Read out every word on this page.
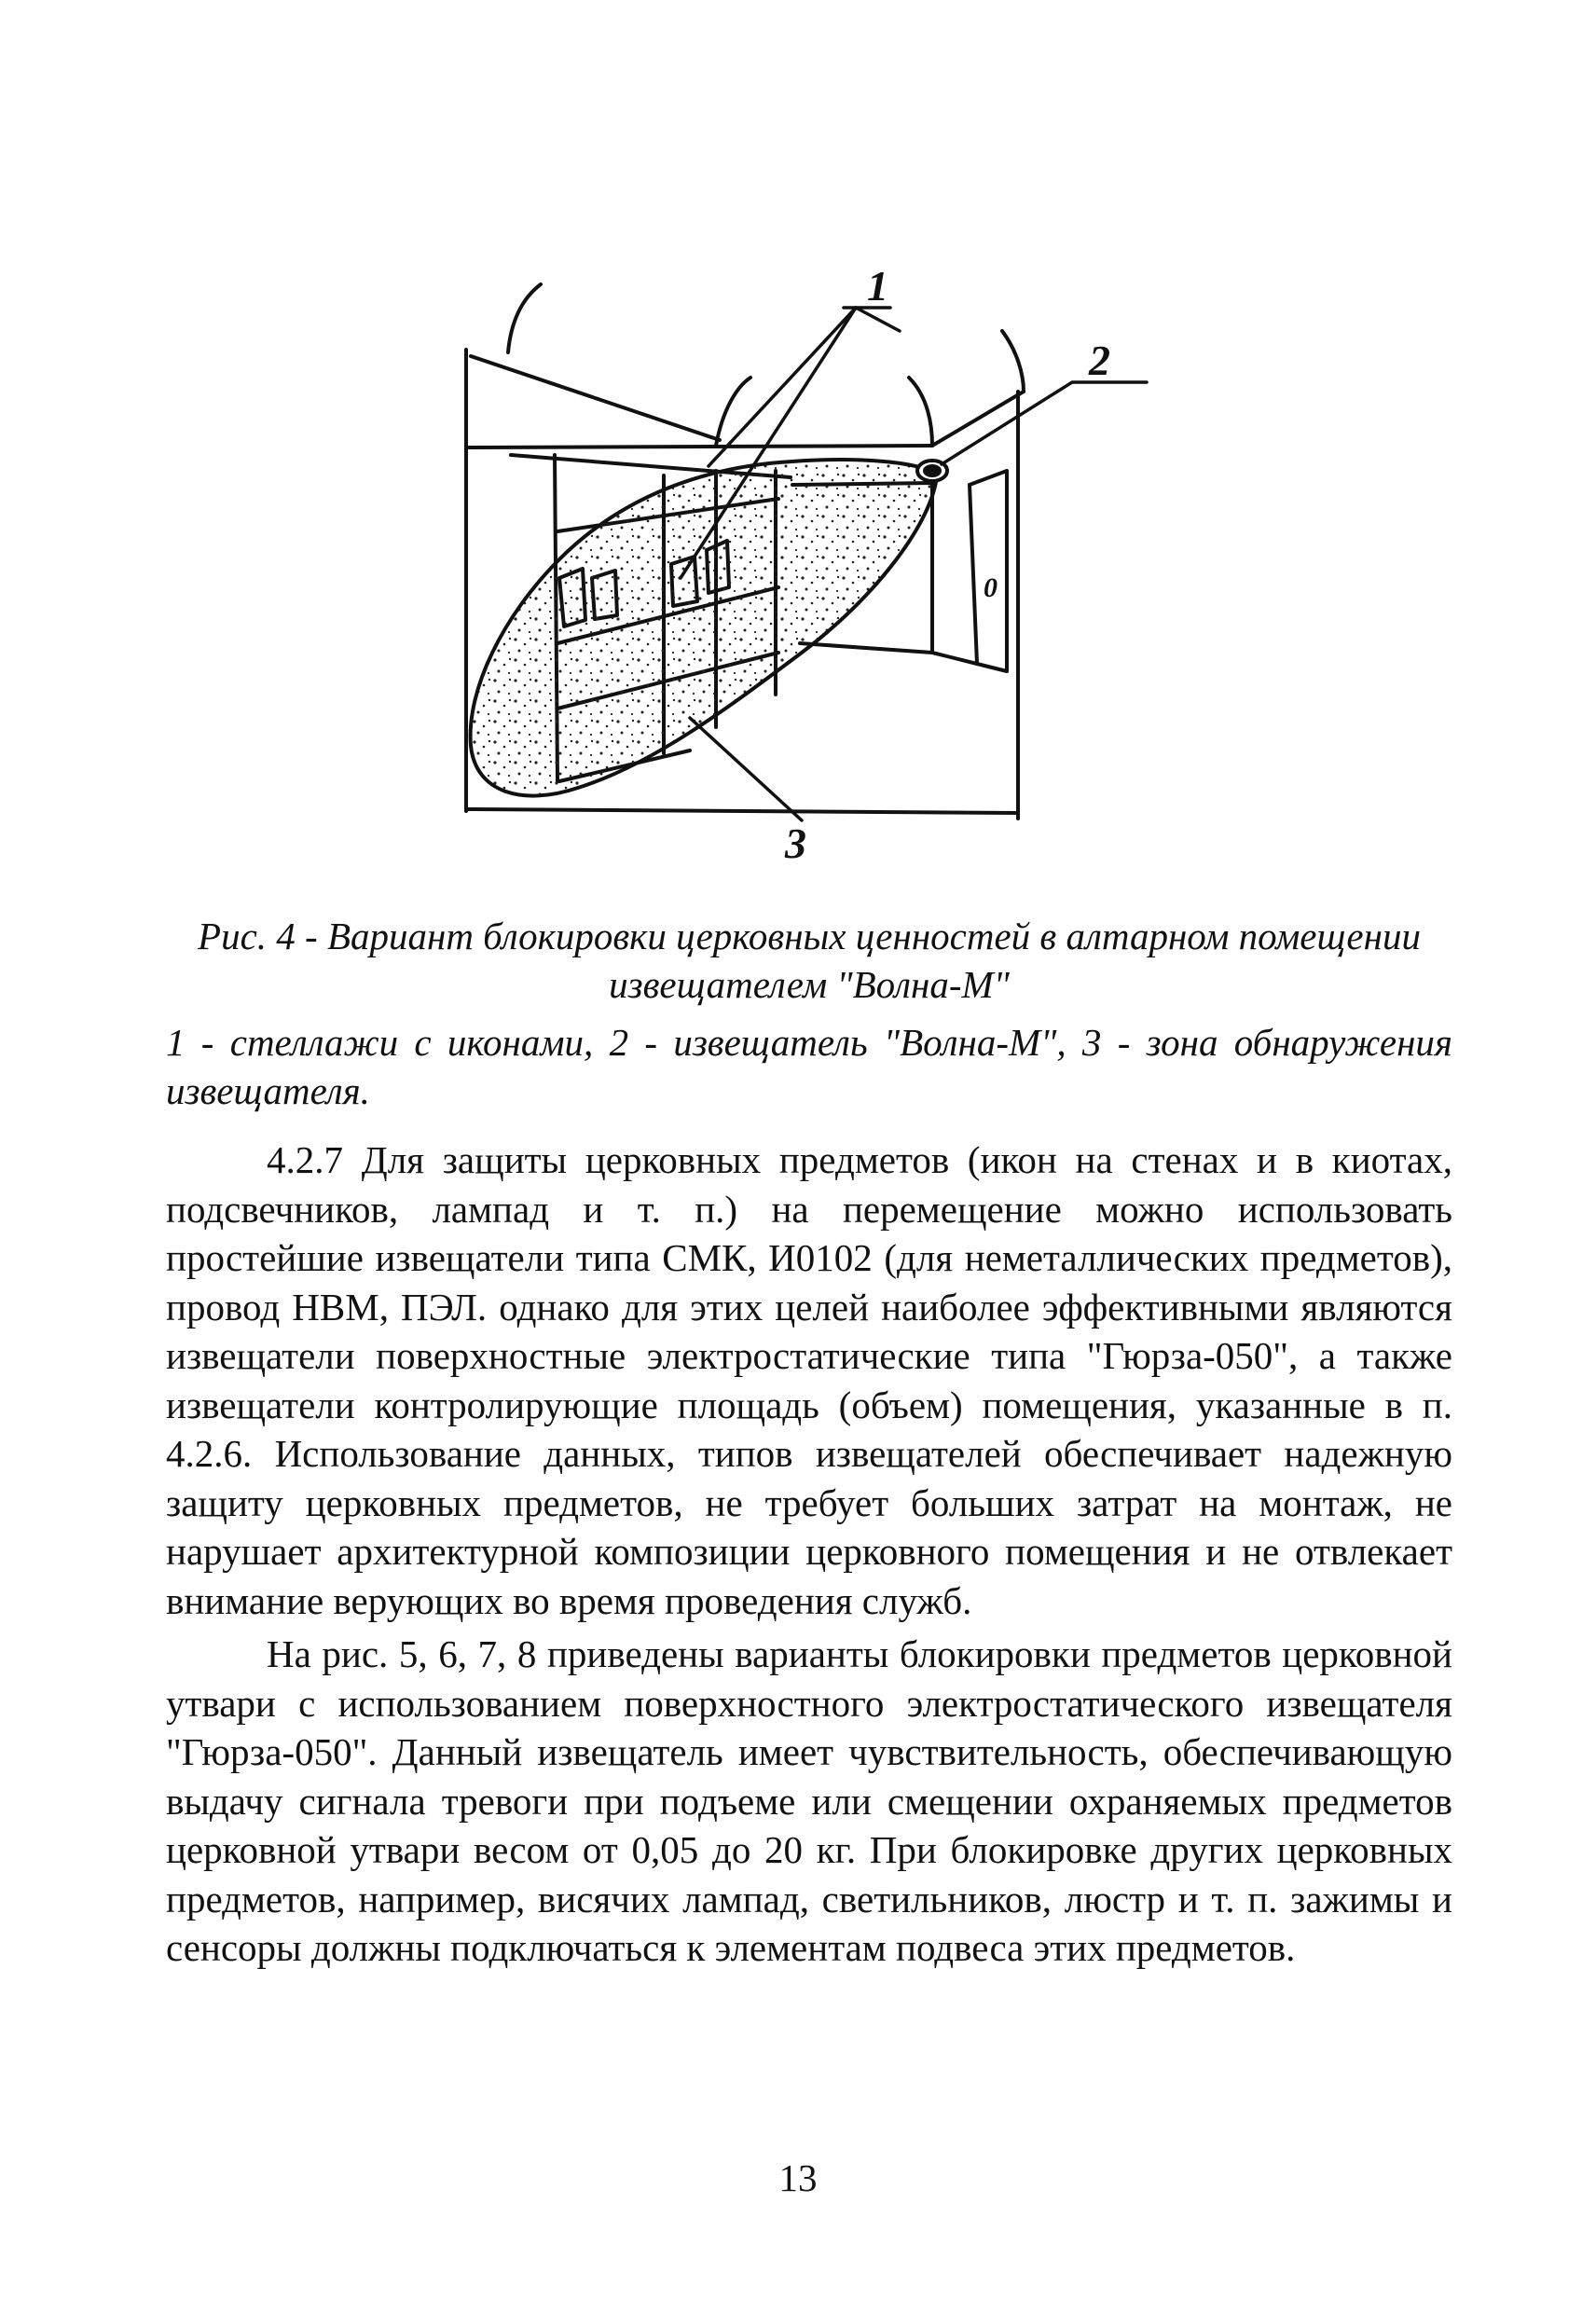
1
2
3
0
Рис. 4 - Вариант блокировки церковных ценностей в алтарном помещении извещателем "Волна-М"
1 - стеллажи с иконами, 2 - извещатель "Волна-М", 3 - зона обнаружения извещателя.

4.2.7 Для защиты церковных предметов (икон на стенах и в киотах, подсвечников, лампад и т. п.) на перемещение можно использовать простейшие извещатели типа СМК, И0102 (для неметаллических предметов), провод НВМ, ПЭЛ. однако для этих целей наиболее эффективными являются извещатели поверхностные электростатические типа "Гюрза-050", а также извещатели контролирующие площадь (объем) помещения, указанные в п. 4.2.6. Использование данных, типов извещателей обеспечивает надежную защиту церковных предметов, не требует больших затрат на монтаж, не нарушает архитектурной композиции церковного помещения и не отвлекает внимание верующих во время проведения служб.

На рис. 5, 6, 7, 8 приведены варианты блокировки предметов церковной утвари с использованием поверхностного электростатического извещателя "Гюрза-050". Данный извещатель имеет чувствительность, обеспечивающую выдачу сигнала тревоги при подъеме или смещении охраняемых предметов церковной утвари весом от 0,05 до 20 кг. При блокировке других церковных предметов, например, висячих лампад, светильников, люстр и т. п. зажимы и сенсоры должны подключаться к элементам подвеса этих предметов.

13
